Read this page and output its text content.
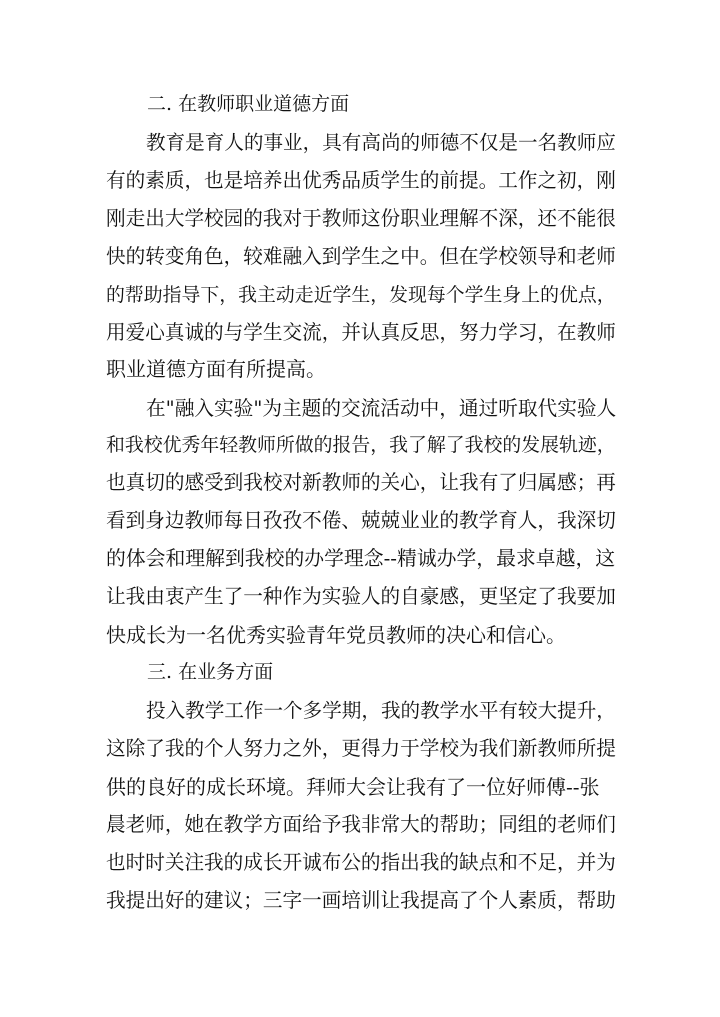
二. 在教师职业道德方面
教育是育人的事业，具有高尚的师德不仅是一名教师应
有的素质，也是培养出优秀品质学生的前提。工作之初，刚
刚走出大学校园的我对于教师这份职业理解不深，还不能很
快的转变角色，较难融入到学生之中。但在学校领导和老师
的帮助指导下，我主动走近学生，发现每个学生身上的优点，
用爱心真诚的与学生交流，并认真反思，努力学习，在教师
职业道德方面有所提高。
在"融入实验"为主题的交流活动中，通过听取代实验人
和我校优秀年轻教师所做的报告，我了解了我校的发展轨迹，
也真切的感受到我校对新教师的关心，让我有了归属感；再
看到身边教师每日孜孜不倦、兢兢业业的教学育人，我深切
的体会和理解到我校的办学理念--精诚办学，最求卓越，这
让我由衷产生了一种作为实验人的自豪感，更坚定了我要加
快成长为一名优秀实验青年党员教师的决心和信心。
三. 在业务方面
投入教学工作一个多学期，我的教学水平有较大提升，
这除了我的个人努力之外，更得力于学校为我们新教师所提
供的良好的成长环境。拜师大会让我有了一位好师傅--张
晨老师，她在教学方面给予我非常大的帮助；同组的老师们
也时时关注我的成长开诚布公的指出我的缺点和不足，并为
我提出好的建议；三字一画培训让我提高了个人素质，帮助
